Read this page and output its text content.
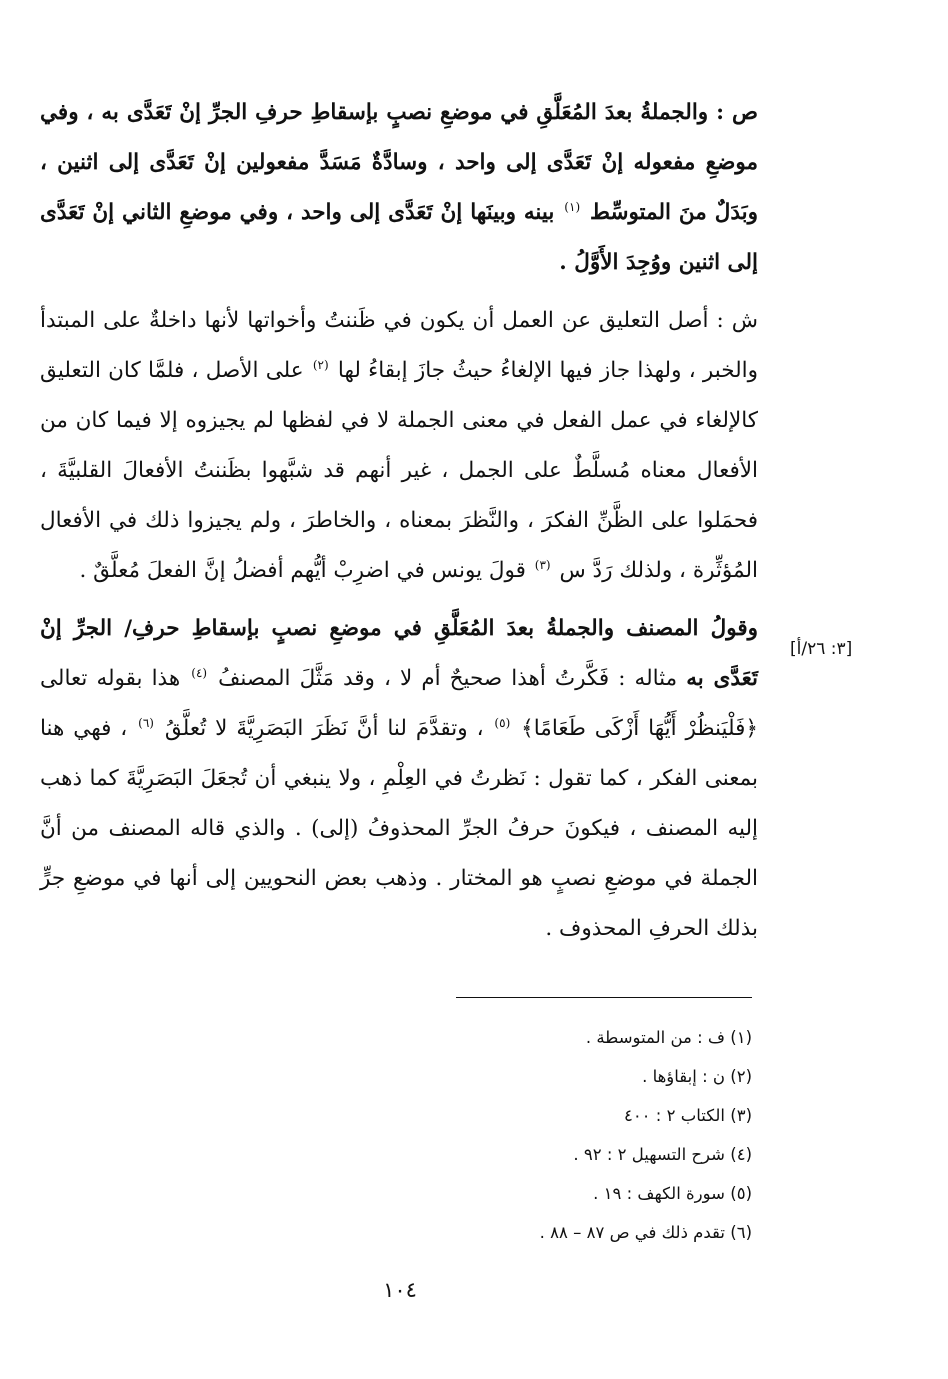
ص : والجملةُ بعدَ المُعَلَّقِ في موضعِ نصبٍ بإسقاطِ حرفِ الجرِّ إنْ تَعَدَّى به ، وفي موضعِ مفعوله إنْ تَعَدَّى إلى واحد ، وسادَّةٌ مَسَدَّ مفعولين إنْ تَعَدَّى إلى اثنين ، وبَدَلٌ منَ المتوسِّط $^{(١)}$ بينه وبينَها إنْ تَعَدَّى إلى واحد ، وفي موضعِ الثاني إنْ تَعَدَّى إلى اثنين ووُجِدَ الأَوَّلُ .

ش : أصل التعليق عن العمل أن يكون في ظَننتُ وأخواتها لأنها داخلةٌ على المبتدأ والخبر ، ولهذا جاز فيها الإلغاءُ حيثُ جازَ إبقاءُ لها $^{(٢)}$ على الأصل ، فلمَّا كان التعليق كالإلغاء في عمل الفعل في معنى الجملة لا في لفظها لم يجيزوه إلا فيما كان من الأفعال معناه مُسلَّطٌ على الجمل ، غير أنهم قد شبَّهوا بظَننتُ الأفعالَ القلبيَّةَ ، فحمَلوا على الظَّنِّ الفكرَ ، والنَّظرَ بمعناه ، والخاطرَ ، ولم يجيزوا ذلك في الأفعال المُؤثِّرة ، ولذلك رَدَّ س $^{(٣)}$ قولَ يونس في اضرِبْ أيُّهم أفضلُ إنَّ الفعلَ مُعلَّقٌ .

وقولُ المصنف والجملةُ بعدَ المُعَلَّقِ في موضعِ نصبٍ بإسقاطِ حرفِ/ الجرِّ إنْ تَعَدَّى به مثاله : فَكَّرتُ أهذا صحيحٌ أم لا ، وقد مَثَّلَ المصنفُ $^{(٤)}$ هذا بقوله تعالى ﴿فَلْيَنظُرْ أَيُّهَا أَزْكَى طَعَامًا﴾ $^{(٥)}$ ، وتقدَّمَ لنا أنَّ نَظَرَ البَصَرِيَّةَ لا تُعلَّقُ $^{(٦)}$ ، فهي هنا بمعنى الفكر ، كما تقول : نَظرتُ في العِلْمِ ، ولا ينبغي أن تُجعَلَ البَصَرِيَّةَ كما ذهب إليه المصنف ، فيكونَ حرفُ الجرِّ المحذوفُ (إلى) . والذي قاله المصنف من أنَّ الجملة في موضعِ نصبٍ هو المختار . وذهب بعض النحويين إلى أنها في موضعِ جرٍّ بذلك الحرفِ المحذوف .

[٣: ٢٦/أ]
(١) ف : من المتوسطة .
(٢) ن : إبقاؤها .
(٣) الكتاب ٢ : ٤٠٠
(٤) شرح التسهيل ٢ : ٩٢ .
(٥) سورة الكهف : ١٩ .
(٦) تقدم ذلك في ص ٨٧ – ٨٨ .
١٠٤
